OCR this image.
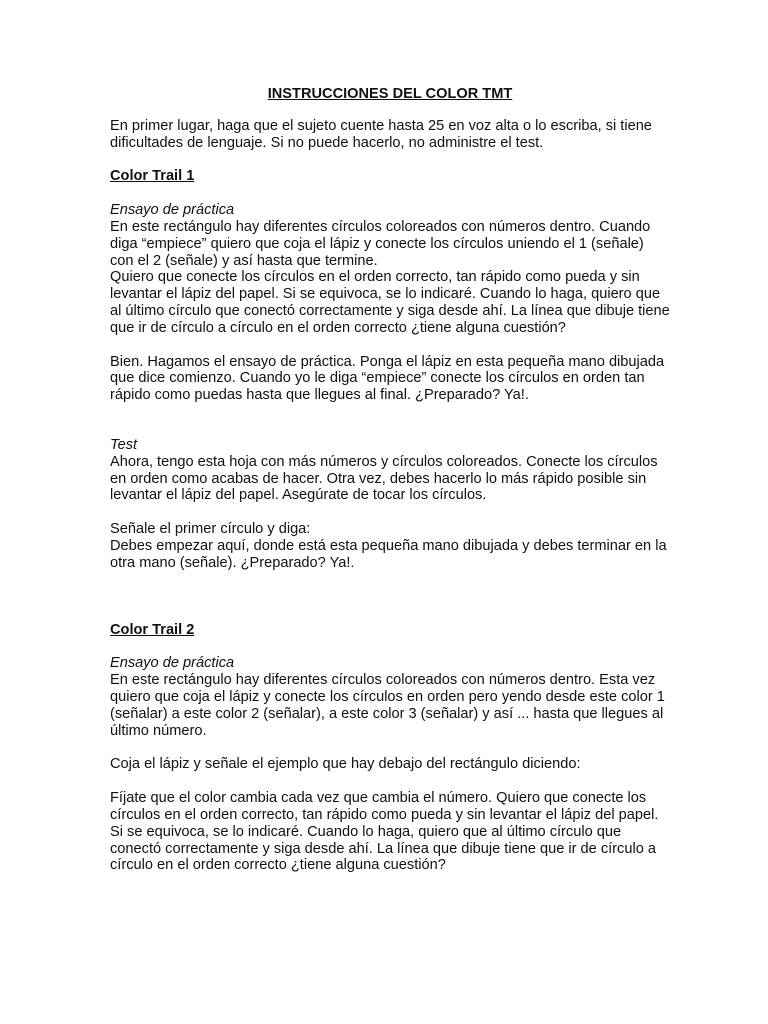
INSTRUCCIONES DEL COLOR TMT

En primer lugar, haga que el sujeto cuente hasta 25 en voz alta o lo escriba, si tiene dificultades de lenguaje. Si no puede hacerlo, no administre el test.

Color Trail 1

Ensayo de práctica

En este rectángulo hay diferentes círculos coloreados con números dentro. Cuando diga “empiece” quiero que coja el lápiz y conecte los círculos uniendo el 1 (señale) con el 2 (señale) y así hasta que termine.

Quiero que conecte los círculos en el orden correcto, tan rápido como pueda y sin levantar el lápiz del papel. Si se equivoca, se lo indicaré. Cuando lo haga, quiero que al último círculo que conectó correctamente y siga desde ahí. La línea que dibuje tiene que ir de círculo a círculo en el orden correcto ¿tiene alguna cuestión?

Bien. Hagamos el ensayo de práctica. Ponga el lápiz en esta pequeña mano dibujada que dice comienzo. Cuando yo le diga “empiece” conecte los círculos en orden tan rápido como puedas hasta que llegues al final. ¿Preparado? Ya!.

Test

Ahora, tengo esta hoja con más números y círculos coloreados. Conecte los círculos en orden como acabas de hacer. Otra vez, debes hacerlo lo más rápido posible sin levantar el lápiz del papel. Asegúrate de tocar los círculos.

Señale el primer círculo y diga:

Debes empezar aquí, donde está esta pequeña mano dibujada y debes terminar en la otra mano (señale). ¿Preparado? Ya!.

Color Trail 2

Ensayo de práctica

En este rectángulo hay diferentes círculos coloreados con números dentro. Esta vez quiero que coja el lápiz y conecte los círculos en orden pero yendo desde este color 1 (señalar) a este color 2 (señalar), a este color 3 (señalar) y así ... hasta que llegues al último número.

Coja el lápiz y señale el ejemplo que hay debajo del rectángulo diciendo:

Fíjate que el color cambia cada vez que cambia el número. Quiero que conecte los círculos en el orden correcto, tan rápido como pueda y sin levantar el lápiz del papel. Si se equivoca, se lo indicaré. Cuando lo haga, quiero que al último círculo que conectó correctamente y siga desde ahí. La línea que dibuje tiene que ir de círculo a círculo en el orden correcto ¿tiene alguna cuestión?
